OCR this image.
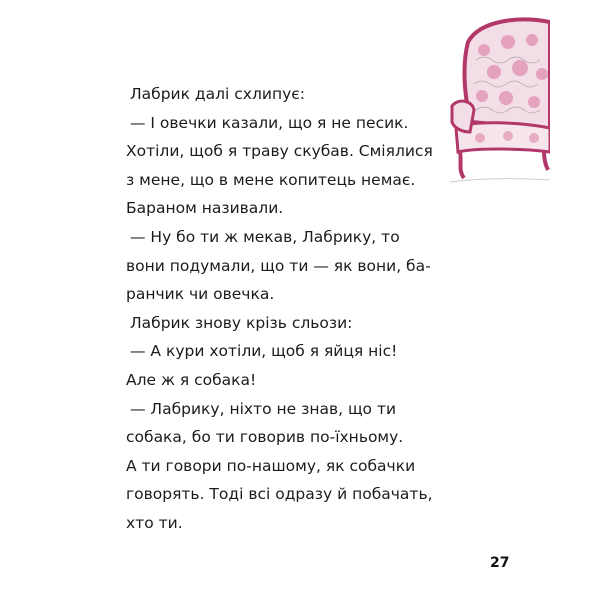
Лабрик далі схлипує:

— І овечки казали, що я не песик.

Хотіли, щоб я траву скубав. Сміялися

з мене, що в мене копитець немає.

Бараном називали.

— Ну бо ти ж мекав, Лабрику, то

вони подумали, що ти — як вони, ба-

ранчик чи овечка.

Лабрик знову крізь сльози:

— А кури хотіли, щоб я яйця ніс!

Але ж я собака!

— Лабрику, ніхто не знав, що ти

собака, бо ти говорив по-їхньому.

А ти говори по-нашому, як собачки

говорять. Тоді всі одразу й побачать,

хто ти.

27
